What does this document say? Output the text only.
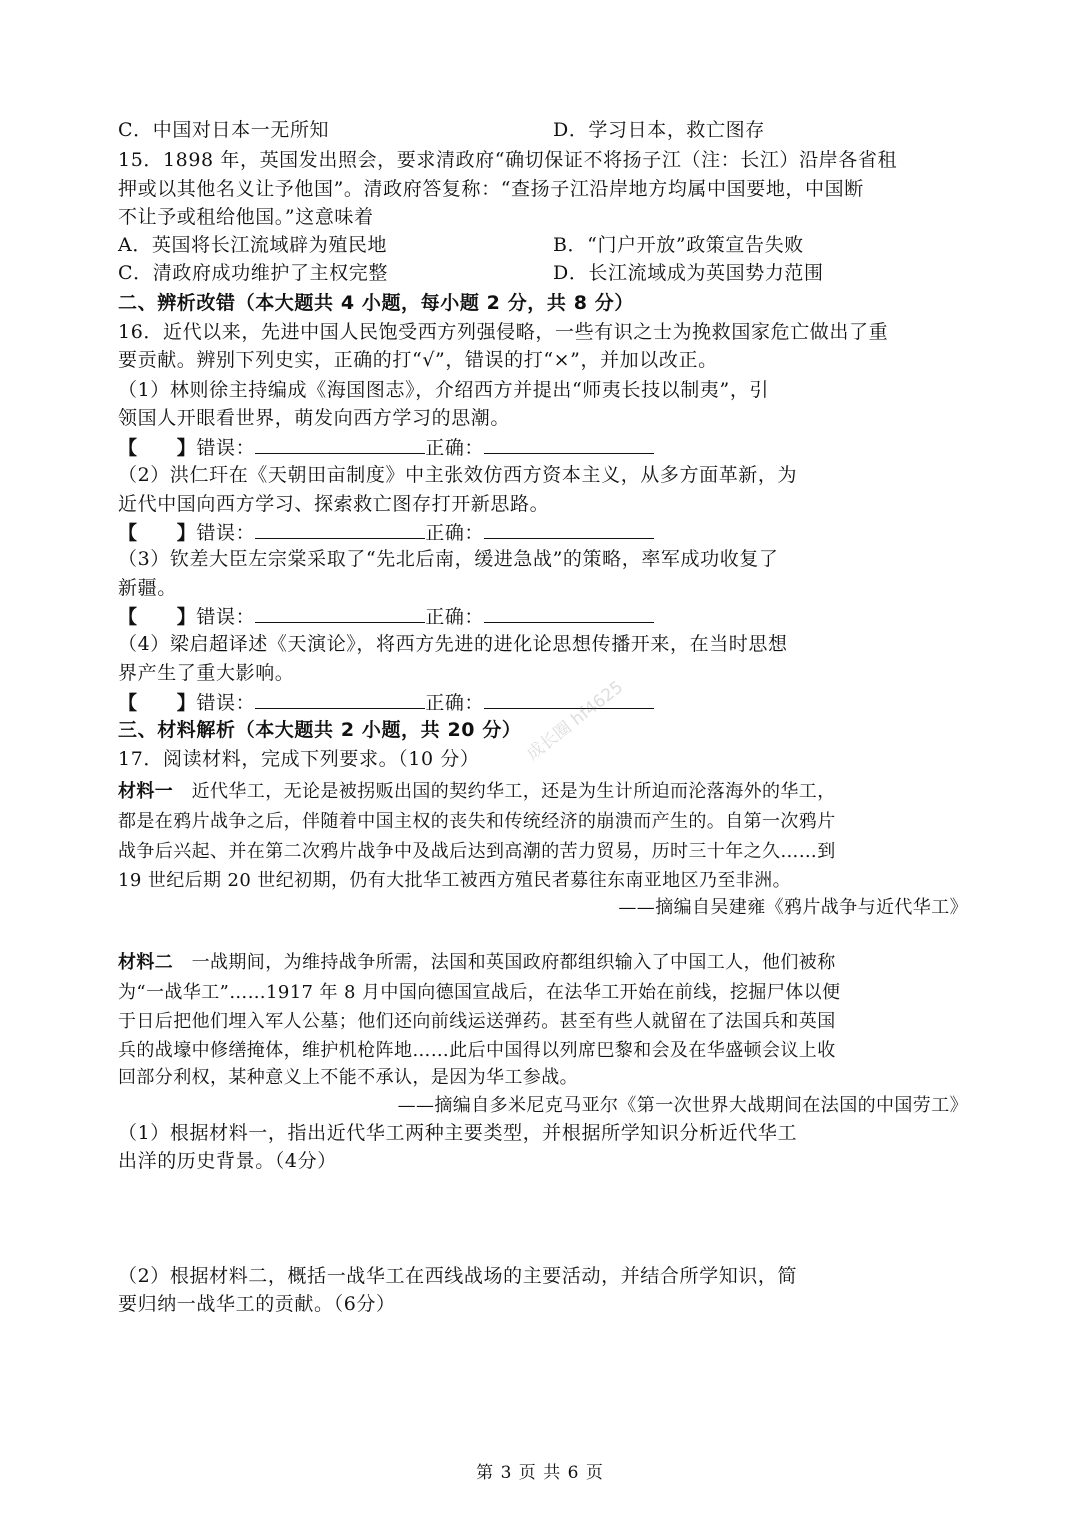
C．中国对日本一无所知	D．学习日本，救亡图存
15．1898 年，英国发出照会，要求清政府“确切保证不将扬子江（注：长江）沿岸各省租
押或以其他名义让予他国”。清政府答复称：“查扬子江沿岸地方均属中国要地，中国断
不让予或租给他国。”这意味着
A．英国将长江流域辟为殖民地	B．“门户开放”政策宣告失败
C．清政府成功维护了主权完整	D．长江流域成为英国势力范围
二、辨析改错（本大题共 4 小题，每小题 2 分，共 8 分）
16．近代以来，先进中国人民饱受西方列强侵略，一些有识之士为挽救国家危亡做出了重
要贡献。辨别下列史实，正确的打“√”，错误的打“×”，并加以改正。
（1）林则徐主持编成《海国图志》，介绍西方并提出“师夷长技以制夷”，引
领国人开眼看世界，萌发向西方学习的思潮。
【　　】错误：	正确：
（2）洪仁玕在《天朝田亩制度》中主张效仿西方资本主义，从多方面革新，为
近代中国向西方学习、探索救亡图存打开新思路。
【　　】错误：	正确：
（3）钦差大臣左宗棠采取了“先北后南，缓进急战”的策略，率军成功收复了
新疆。
【　　】错误：	正确：
（4）梁启超译述《天演论》，将西方先进的进化论思想传播开来，在当时思想
界产生了重大影响。
【　　】错误：	正确：
三、材料解析（本大题共 2 小题，共 20 分）
17．阅读材料，完成下列要求。（10 分）
材料一　近代华工，无论是被拐贩出国的契约华工，还是为生计所迫而沦落海外的华工，
都是在鸦片战争之后，伴随着中国主权的丧失和传统经济的崩溃而产生的。自第一次鸦片
战争后兴起、并在第二次鸦片战争中及战后达到高潮的苦力贸易，历时三十年之久……到
19 世纪后期 20 世纪初期，仍有大批华工被西方殖民者募往东南亚地区乃至非洲。
——摘编自吴建雍《鸦片战争与近代华工》
材料二　一战期间，为维持战争所需，法国和英国政府都组织输入了中国工人，他们被称
为“一战华工”……1917 年 8 月中国向德国宣战后，在法华工开始在前线，挖掘尸体以便
于日后把他们埋入军人公墓；他们还向前线运送弹药。甚至有些人就留在了法国兵和英国
兵的战壕中修缮掩体，维护机枪阵地……此后中国得以列席巴黎和会及在华盛顿会议上收
回部分利权，某种意义上不能不承认，是因为华工参战。
——摘编自多米尼克马亚尔《第一次世界大战期间在法国的中国劳工》
（1）根据材料一，指出近代华工两种主要类型，并根据所学知识分析近代华工
出洋的历史背景。（4分）
（2）根据材料二，概括一战华工在西线战场的主要活动，并结合所学知识，简
要归纳一战华工的贡献。（6分）
成长圈 hf4625
第 3 页 共 6 页
